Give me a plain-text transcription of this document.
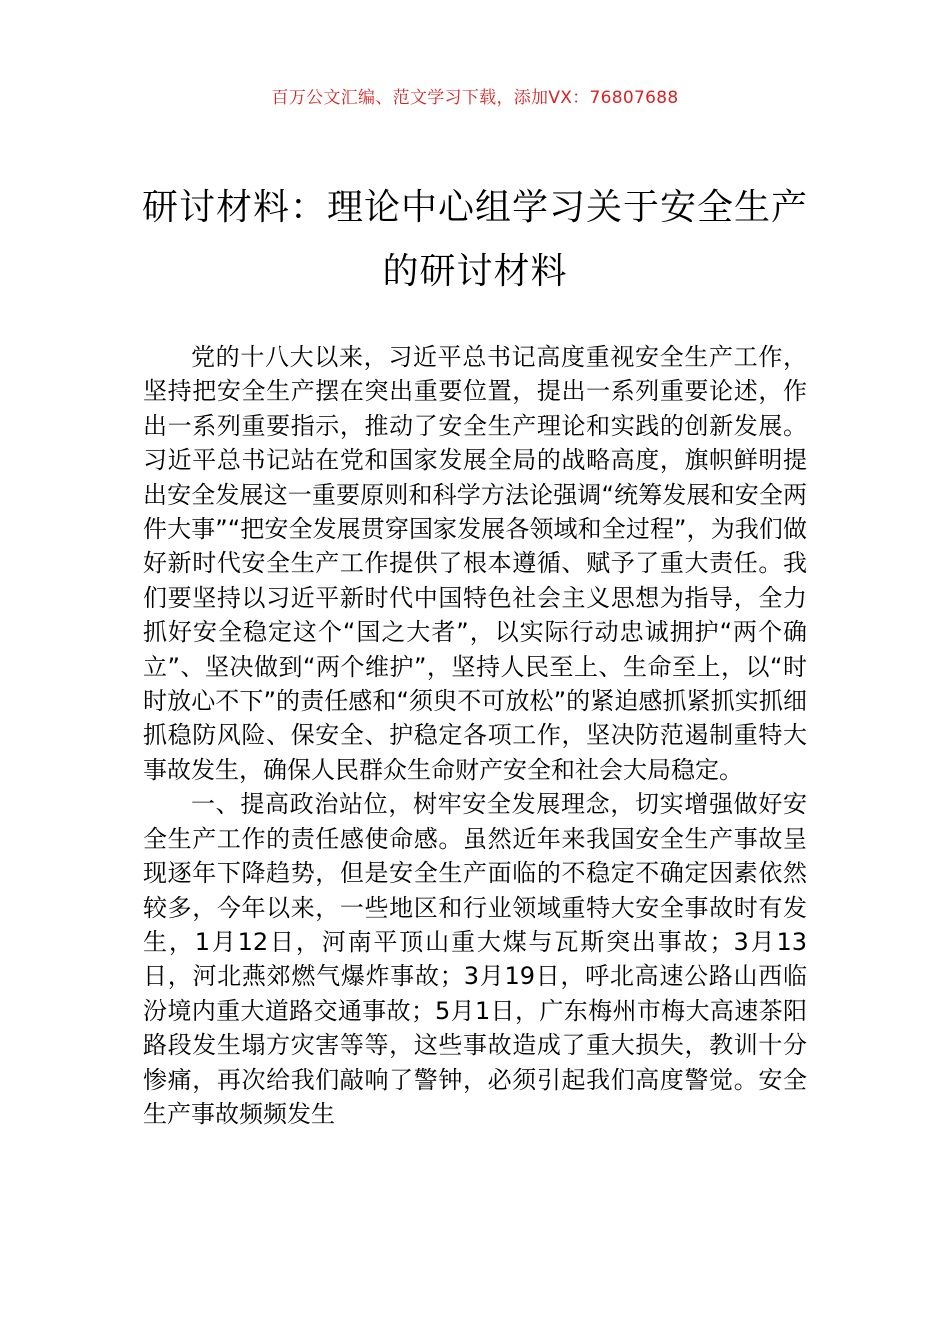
百万公文汇编、范文学习下载，添加VX：76807688
研讨材料：理论中心组学习关于安全生产的研讨材料

党的十八大以来，习近平总书记高度重视安全生产工作，坚持把安全生产摆在突出重要位置，提出一系列重要论述，作出一系列重要指示，推动了安全生产理论和实践的创新发展。习近平总书记站在党和国家发展全局的战略高度，旗帜鲜明提出安全发展这一重要原则和科学方法论强调“统筹发展和安全两件大事”“把安全发展贯穿国家发展各领域和全过程”，为我们做好新时代安全生产工作提供了根本遵循、赋予了重大责任。我们要坚持以习近平新时代中国特色社会主义思想为指导，全力抓好安全稳定这个“国之大者”，以实际行动忠诚拥护“两个确立”、坚决做到“两个维护”，坚持人民至上、生命至上，以“时时放心不下”的责任感和“须臾不可放松”的紧迫感抓紧抓实抓细抓稳防风险、保安全、护稳定各项工作，坚决防范遏制重特大事故发生，确保人民群众生命财产安全和社会大局稳定。

一、提高政治站位，树牢安全发展理念，切实增强做好安全生产工作的责任感使命感。虽然近年来我国安全生产事故呈现逐年下降趋势，但是安全生产面临的不稳定不确定因素依然较多，今年以来，一些地区和行业领域重特大安全事故时有发生，1月12日，河南平顶山重大煤与瓦斯突出事故；3月13日，河北燕郊燃气爆炸事故；3月19日，呼北高速公路山西临汾境内重大道路交通事故；5月1日，广东梅州市梅大高速茶阳路段发生塌方灾害等等，这些事故造成了重大损失，教训十分惨痛，再次给我们敲响了警钟，必须引起我们高度警觉。安全生产事故频频发生
